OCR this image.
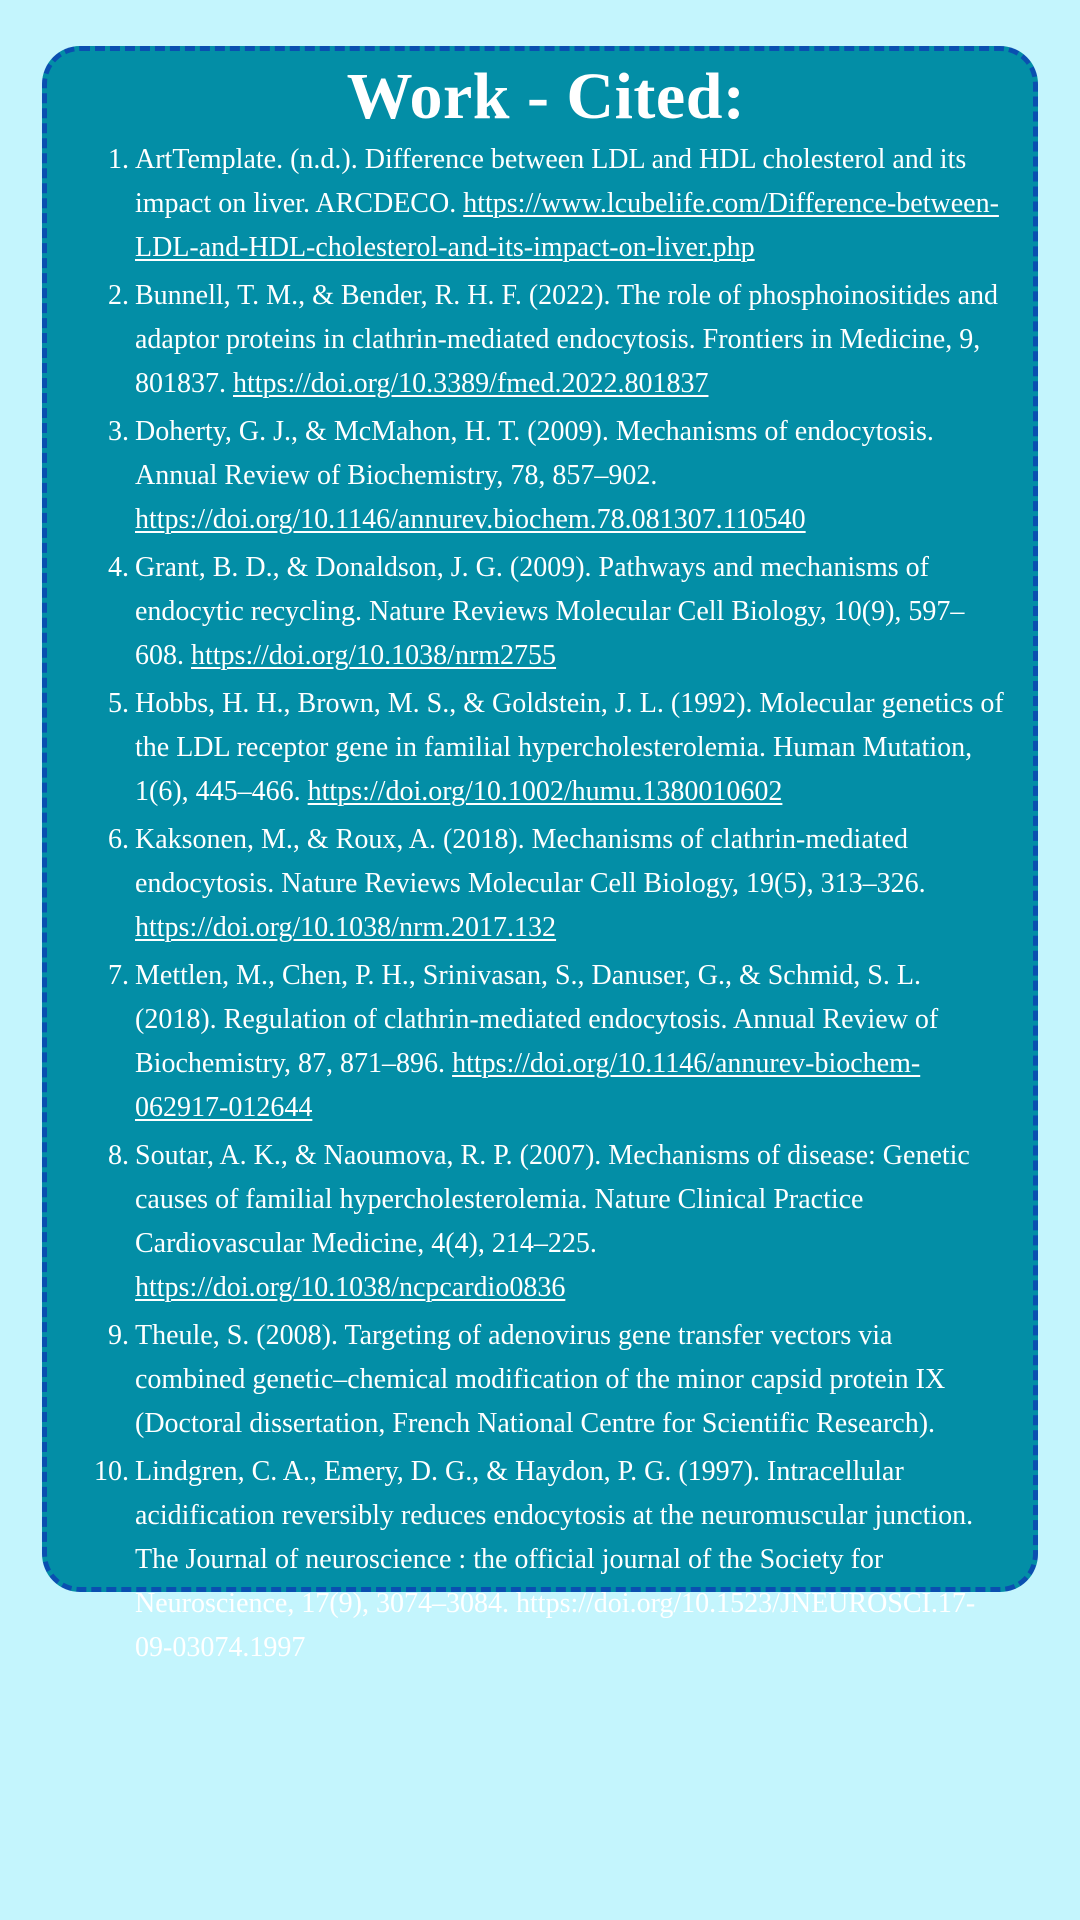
Work - Cited:
1. ArtTemplate. (n.d.). Difference between LDL and HDL cholesterol and its impact on liver. ARCDECO. https://www.lcubelife.com/Difference-between-LDL-and-HDL-cholesterol-and-its-impact-on-liver.php
2. Bunnell, T. M., & Bender, R. H. F. (2022). The role of phosphoinositides and adaptor proteins in clathrin-mediated endocytosis. Frontiers in Medicine, 9, 801837. https://doi.org/10.3389/fmed.2022.801837
3. Doherty, G. J., & McMahon, H. T. (2009). Mechanisms of endocytosis. Annual Review of Biochemistry, 78, 857–902. https://doi.org/10.1146/annurev.biochem.78.081307.110540
4. Grant, B. D., & Donaldson, J. G. (2009). Pathways and mechanisms of endocytic recycling. Nature Reviews Molecular Cell Biology, 10(9), 597–608. https://doi.org/10.1038/nrm2755
5. Hobbs, H. H., Brown, M. S., & Goldstein, J. L. (1992). Molecular genetics of the LDL receptor gene in familial hypercholesterolemia. Human Mutation, 1(6), 445–466. https://doi.org/10.1002/humu.1380010602
6. Kaksonen, M., & Roux, A. (2018). Mechanisms of clathrin-mediated endocytosis. Nature Reviews Molecular Cell Biology, 19(5), 313–326. https://doi.org/10.1038/nrm.2017.132
7. Mettlen, M., Chen, P. H., Srinivasan, S., Danuser, G., & Schmid, S. L. (2018). Regulation of clathrin-mediated endocytosis. Annual Review of Biochemistry, 87, 871–896. https://doi.org/10.1146/annurev-biochem-062917-012644
8. Soutar, A. K., & Naoumova, R. P. (2007). Mechanisms of disease: Genetic causes of familial hypercholesterolemia. Nature Clinical Practice Cardiovascular Medicine, 4(4), 214–225. https://doi.org/10.1038/ncpcardio0836
9. Theule, S. (2008). Targeting of adenovirus gene transfer vectors via combined genetic–chemical modification of the minor capsid protein IX (Doctoral dissertation, French National Centre for Scientific Research).
10. Lindgren, C. A., Emery, D. G., & Haydon, P. G. (1997). Intracellular acidification reversibly reduces endocytosis at the neuromuscular junction. The Journal of neuroscience : the official journal of the Society for Neuroscience, 17(9), 3074–3084. https://doi.org/10.1523/JNEUROSCI.17-09-03074.1997
